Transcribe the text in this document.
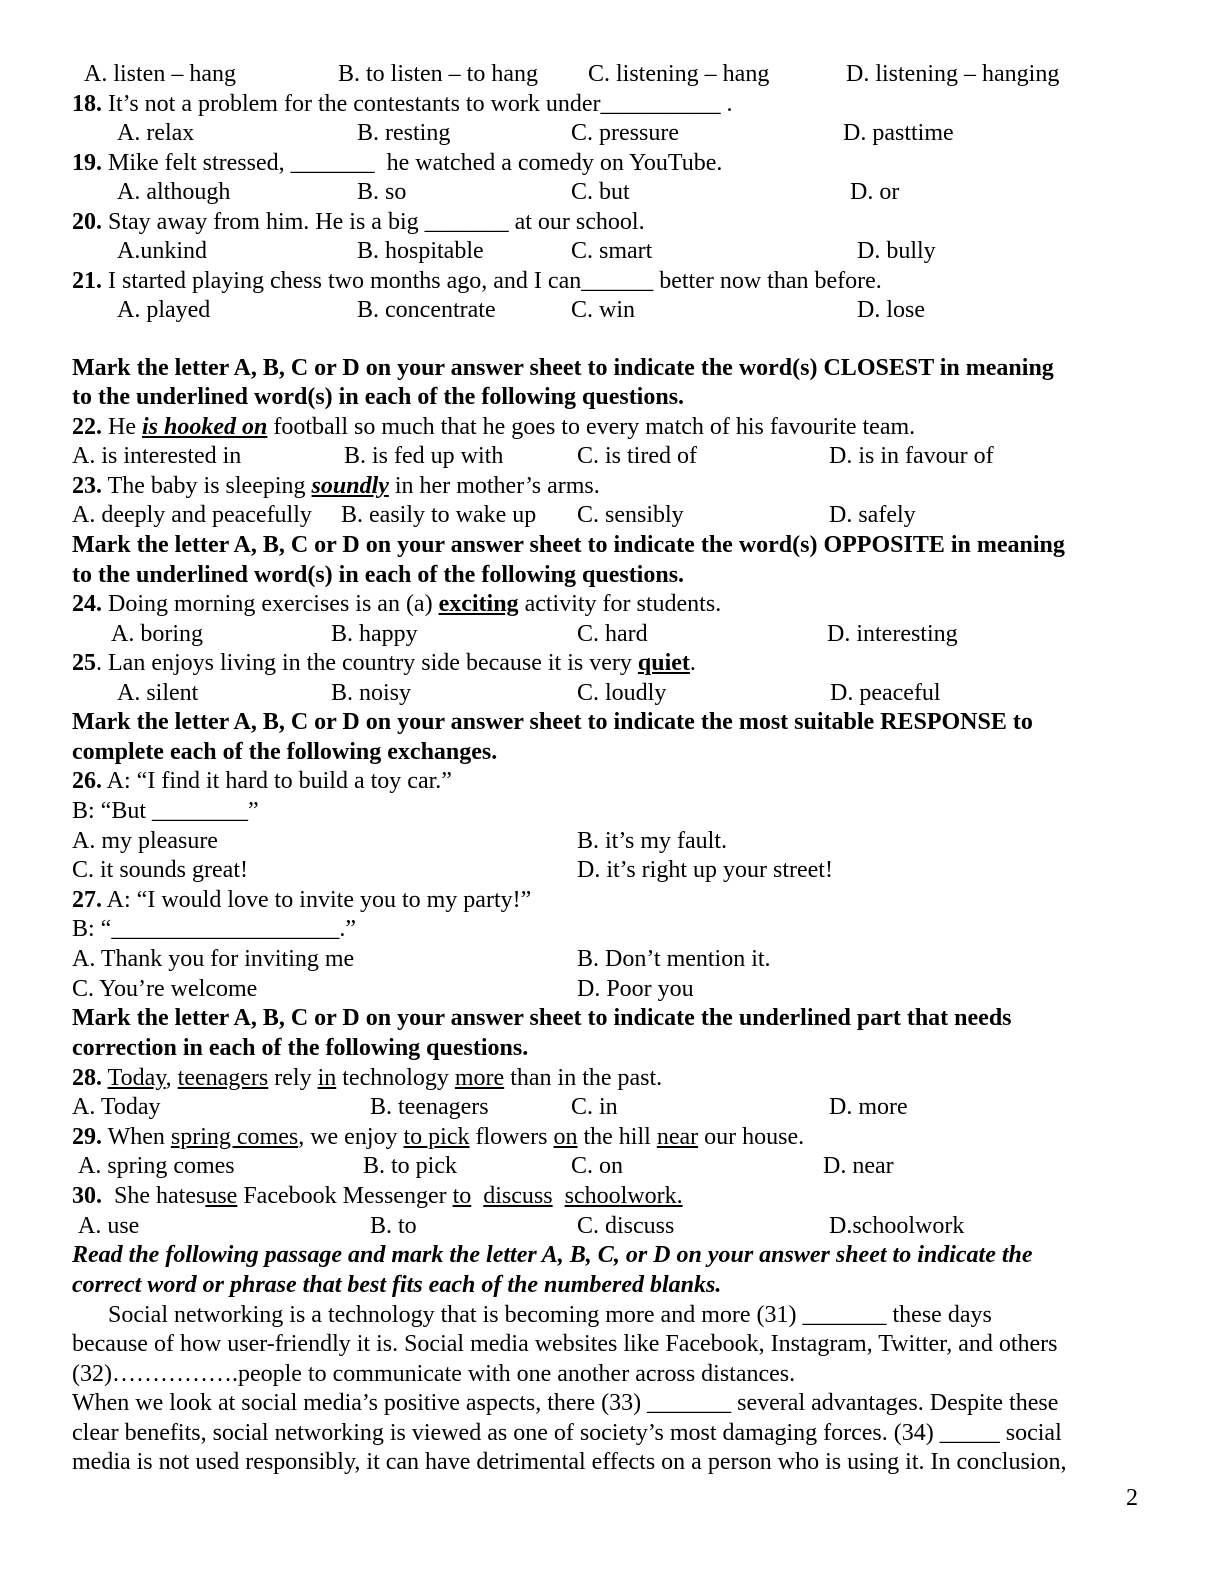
A. listen – hang	B. to listen – to hang C. listening – hang	D. listening – hanging
18. It’s not a problem for the contestants to work under__________ .
A. relax	B. resting	C. pressure	D. pasttime
19. Mike felt stressed, _______  he watched a comedy on YouTube.
A. although	B. so	C. but	D. or
20. Stay away from him. He is a big _______ at our school.
A.unkind	B. hospitable	C. smart	D. bully
21. I started playing chess two months ago, and I can______ better now than before.
A. played	B. concentrate	C. win	D. lose
Mark the letter A, B, C or D on your answer sheet to indicate the word(s) CLOSEST in meaning
to the underlined word(s) in each of the following questions.
22. He is hooked on football so much that he goes to every match of his favourite team.
A. is interested in	B. is fed up with	C. is tired of	D. is in favour of
23. The baby is sleeping soundly in her mother’s arms.
A. deeply and peacefully B. easily to wake up C. sensibly	D. safely
Mark the letter A, B, C or D on your answer sheet to indicate the word(s) OPPOSITE in meaning
to the underlined word(s) in each of the following questions.
24. Doing morning exercises is an (a) exciting activity for students.
A. boring	B. happy	C. hard	D. interesting
25. Lan enjoys living in the country side because it is very quiet.
A. silent	B. noisy	C. loudly	D. peaceful
Mark the letter A, B, C or D on your answer sheet to indicate the most suitable RESPONSE to
complete each of the following exchanges.
26. A: “I find it hard to build a toy car.”
B: “But ________”
A. my pleasure	B. it’s my fault.
C. it sounds great!	D. it’s right up your street!
27. A: “I would love to invite you to my party!”
B: “___________________.”
A. Thank you for inviting me	B. Don’t mention it.
C. You’re welcome	D. Poor you
Mark the letter A, B, C or D on your answer sheet to indicate the underlined part that needs
correction in each of the following questions.
28. Today, teenagers rely in technology more than in the past.
A. Today	B. teenagers	C. in	D. more
29. When spring comes, we enjoy to pick flowers on the hill near our house.
A. spring comes	B. to pick	C. on	D. near
30.  She hatesuse Facebook Messenger to discuss schoolwork.
A. use	B. to	C. discuss	D.schoolwork
Read the following passage and mark the letter A, B, C, or D on your answer sheet to indicate the
correct word or phrase that best fits each of the numbered blanks.
Social networking is a technology that is becoming more and more (31) _______ these days
because of how user-friendly it is. Social media websites like Facebook, Instagram, Twitter, and others
(32)…………….people to communicate with one another across distances.
When we look at social media’s positive aspects, there (33) _______ several advantages. Despite these
clear benefits, social networking is viewed as one of society’s most damaging forces. (34) _____ social
media is not used responsibly, it can have detrimental effects on a person who is using it. In conclusion,
2
